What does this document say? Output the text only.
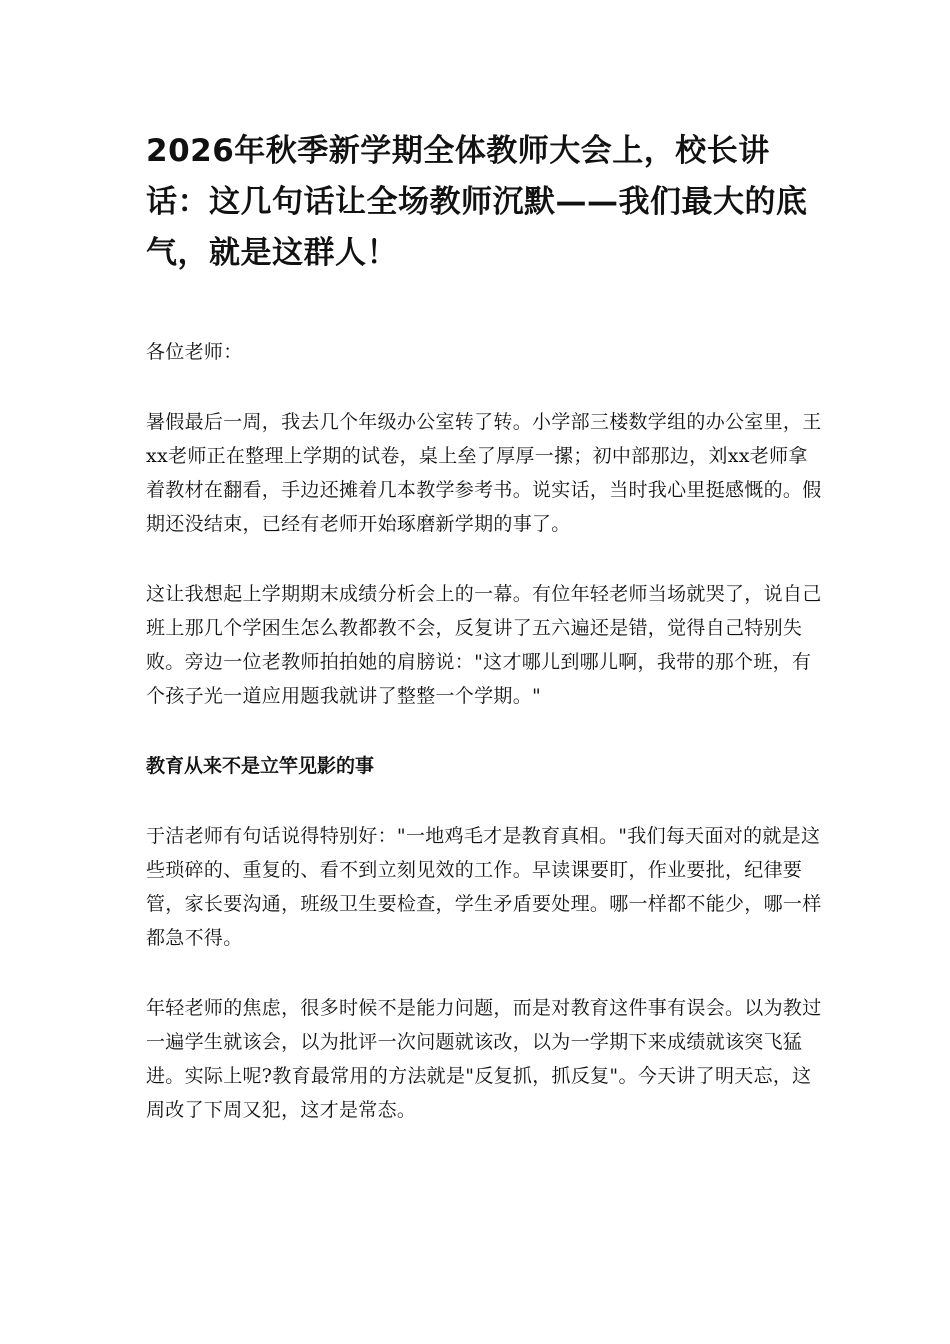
2026年秋季新学期全体教师大会上，校长讲话：这几句话让全场教师沉默——我们最大的底气，就是这群人！

各位老师：

暑假最后一周，我去几个年级办公室转了转。小学部三楼数学组的办公室里，王xx老师正在整理上学期的试卷，桌上垒了厚厚一摞；初中部那边，刘xx老师拿着教材在翻看，手边还摊着几本教学参考书。说实话，当时我心里挺感慨的。假期还没结束，已经有老师开始琢磨新学期的事了。

这让我想起上学期期末成绩分析会上的一幕。有位年轻老师当场就哭了，说自己班上那几个学困生怎么教都教不会，反复讲了五六遍还是错，觉得自己特别失败。旁边一位老教师拍拍她的肩膀说："这才哪儿到哪儿啊，我带的那个班，有个孩子光一道应用题我就讲了整整一个学期。"

教育从来不是立竿见影的事

于洁老师有句话说得特别好："一地鸡毛才是教育真相。"我们每天面对的就是这些琐碎的、重复的、看不到立刻见效的工作。早读课要盯，作业要批，纪律要管，家长要沟通，班级卫生要检查，学生矛盾要处理。哪一样都不能少，哪一样都急不得。

年轻老师的焦虑，很多时候不是能力问题，而是对教育这件事有误会。以为教过一遍学生就该会，以为批评一次问题就该改，以为一学期下来成绩就该突飞猛进。实际上呢?教育最常用的方法就是"反复抓，抓反复"。今天讲了明天忘，这周改了下周又犯，这才是常态。
